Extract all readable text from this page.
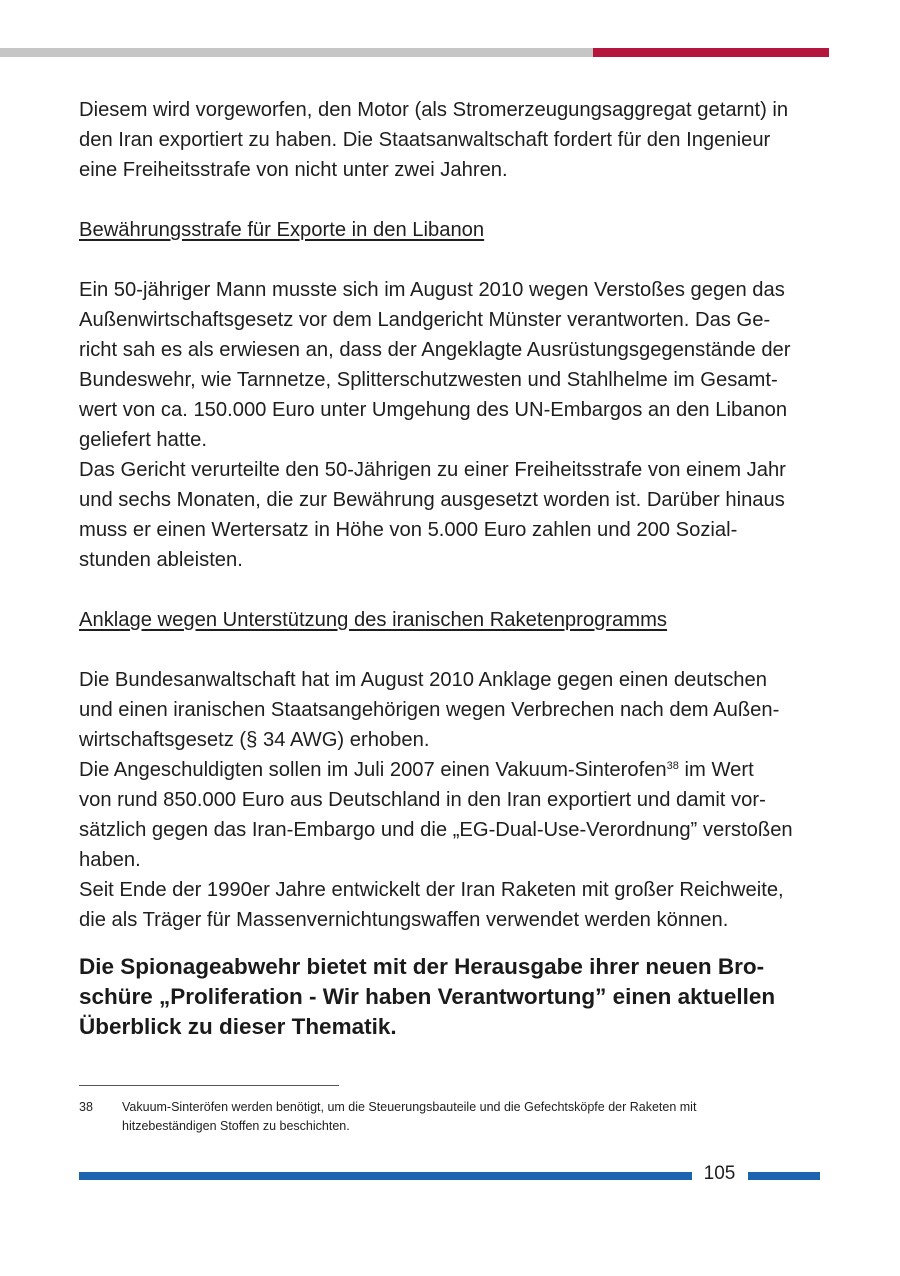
Diesem wird vorgeworfen, den Motor (als Stromerzeugungsaggregat getarnt) in
den Iran exportiert zu haben. Die Staatsanwaltschaft fordert für den Ingenieur
eine Freiheitsstrafe von nicht unter zwei Jahren.

Bewährungsstrafe für Exporte in den Libanon

Ein 50-jähriger Mann musste sich im August 2010 wegen Verstoßes gegen das
Außenwirtschaftsgesetz vor dem Landgericht Münster verantworten. Das Ge-
richt sah es als erwiesen an, dass der Angeklagte Ausrüstungsgegenstände der
Bundeswehr, wie Tarnnetze, Splitterschutzwesten und Stahlhelme im Gesamt-
wert von ca. 150.000 Euro unter Umgehung des UN-Embargos an den Libanon
geliefert hatte.

Das Gericht verurteilte den 50-Jährigen zu einer Freiheitsstrafe von einem Jahr
und sechs Monaten, die zur Bewährung ausgesetzt worden ist. Darüber hinaus
muss er einen Wertersatz in Höhe von 5.000 Euro zahlen und 200 Sozial-
stunden ableisten.

Anklage wegen Unterstützung des iranischen Raketenprogramms

Die Bundesanwaltschaft hat im August 2010 Anklage gegen einen deutschen
und einen iranischen Staatsangehörigen wegen Verbrechen nach dem Außen-
wirtschaftsgesetz (§ 34 AWG) erhoben.

Die Angeschuldigten sollen im Juli 2007 einen Vakuum-Sinterofen$^{38}$ im Wert
von rund 850.000 Euro aus Deutschland in den Iran exportiert und damit vor-
sätzlich gegen das Iran-Embargo und die „EG-Dual-Use-Verordnung” verstoßen
haben.

Seit Ende der 1990er Jahre entwickelt der Iran Raketen mit großer Reichweite,
die als Träger für Massenvernichtungswaffen verwendet werden können.

Die Spionageabwehr bietet mit der Herausgabe ihrer neuen Bro-
schüre „Proliferation - Wir haben Verantwortung” einen aktuellen
Überblick zu dieser Thematik.
38	Vakuum-Sinteröfen werden benötigt, um die Steuerungsbauteile und die Gefechtsköpfe der Raketen mit hitzebeständigen Stoffen zu beschichten.
105
